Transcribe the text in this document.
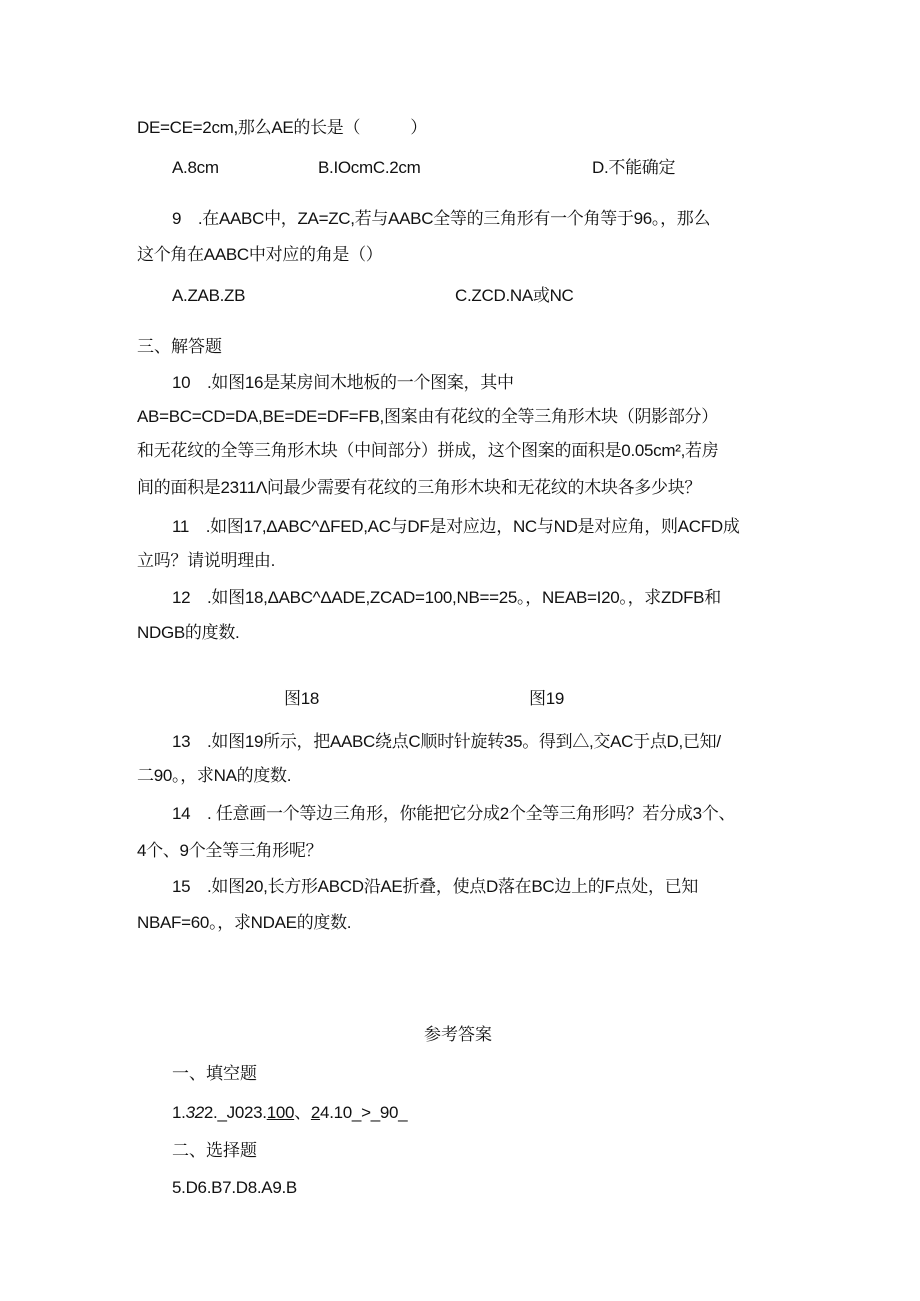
DE=CE=2cm,那么AE的长是（　　　）
A.8cm	B.IOcmC.2cm	D.不能确定
9　.在AABC中，ZA=ZC,若与AABC全等的三角形有一个角等于96。，那么
这个角在AABC中对应的角是（）
A.ZAB.ZB	C.ZCD.NA或NC
三、解答题
10　.如图16是某房间木地板的一个图案，其中
AB=BC=CD=DA,BE=DE=DF=FB,图案由有花纹的全等三角形木块（阴影部分）
和无花纹的全等三角形木块（中间部分）拼成，这个图案的面积是0.05cm²,若房
间的面积是2311Λ问最少需要有花纹的三角形木块和无花纹的木块各多少块？
11　.如图17,ΔABC^ΔFED,AC与DF是对应边，NC与ND是对应角，则ACFD成
立吗？请说明理由.
12　.如图18,ΔABC^ΔADE,ZCAD=100,NB==25。，NEAB=I20。，求ZDFB和
NDGB的度数.
图18	图19
13　.如图19所示，把AABC绕点C顺时针旋转35。得到△,交AC于点D,已知/
二90。，求NA的度数.
14　. 任意画一个等边三角形，你能把它分成2个全等三角形吗？若分成3个、
4个、9个全等三角形呢？
15　.如图20,长方形ABCD沿AE折叠，使点D落在BC边上的F点处，已知
NBAF=60。，求NDAE的度数.
参考答案
一、填空题
1.322._J023.100、24.10_>_90_
二、选择题
5.D6.B7.D8.A9.B
